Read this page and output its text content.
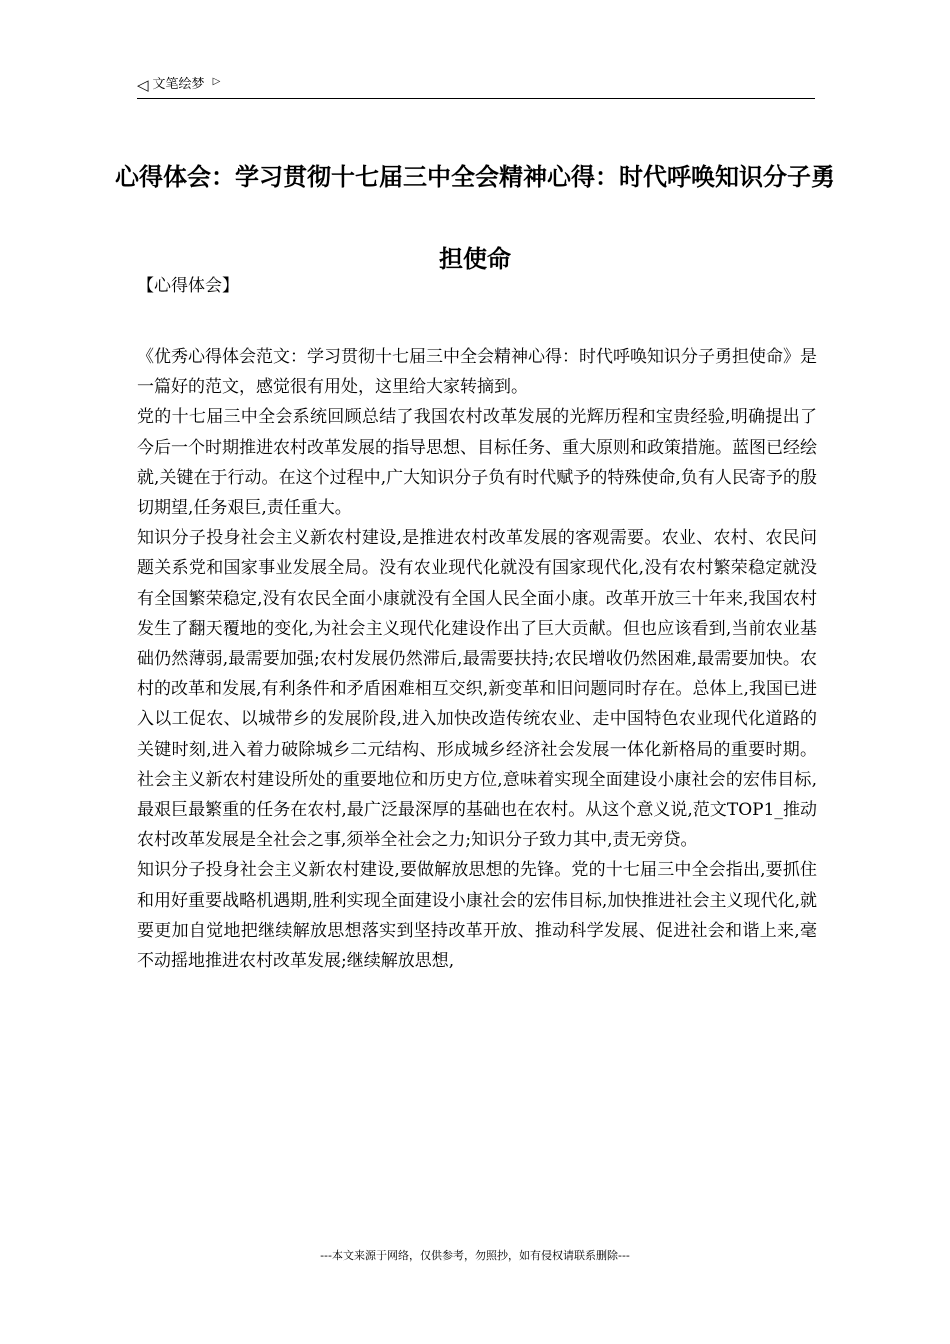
◁ 文笔绘梦 ▷
心得体会：学习贯彻十七届三中全会精神心得：时代呼唤知识分子勇担使命
【心得体会】

《优秀心得体会范文：学习贯彻十七届三中全会精神心得：时代呼唤知识分子勇担使命》是一篇好的范文，感觉很有用处，这里给大家转摘到。

党的十七届三中全会系统回顾总结了我国农村改革发展的光辉历程和宝贵经验,明确提出了今后一个时期推进农村改革发展的指导思想、目标任务、重大原则和政策措施。蓝图已经绘就,关键在于行动。在这个过程中,广大知识分子负有时代赋予的特殊使命,负有人民寄予的殷切期望,任务艰巨,责任重大。

知识分子投身社会主义新农村建设,是推进农村改革发展的客观需要。农业、农村、农民问题关系党和国家事业发展全局。没有农业现代化就没有国家现代化,没有农村繁荣稳定就没有全国繁荣稳定,没有农民全面小康就没有全国人民全面小康。改革开放三十年来,我国农村发生了翻天覆地的变化,为社会主义现代化建设作出了巨大贡献。但也应该看到,当前农业基础仍然薄弱,最需要加强;农村发展仍然滞后,最需要扶持;农民增收仍然困难,最需要加快。农村的改革和发展,有利条件和矛盾困难相互交织,新变革和旧问题同时存在。总体上,我国已进入以工促农、以城带乡的发展阶段,进入加快改造传统农业、走中国特色农业现代化道路的关键时刻,进入着力破除城乡二元结构、形成城乡经济社会发展一体化新格局的重要时期。社会主义新农村建设所处的重要地位和历史方位,意味着实现全面建设小康社会的宏伟目标,最艰巨最繁重的任务在农村,最广泛最深厚的基础也在农村。从这个意义说,范文TOP1_推动农村改革发展是全社会之事,须举全社会之力;知识分子致力其中,责无旁贷。

知识分子投身社会主义新农村建设,要做解放思想的先锋。党的十七届三中全会指出,要抓住和用好重要战略机遇期,胜利实现全面建设小康社会的宏伟目标,加快推进社会主义现代化,就要更加自觉地把继续解放思想落实到坚持改革开放、推动科学发展、促进社会和谐上来,毫不动摇地推进农村改革发展;继续解放思想,

---本文来源于网络，仅供参考，勿照抄，如有侵权请联系删除---
